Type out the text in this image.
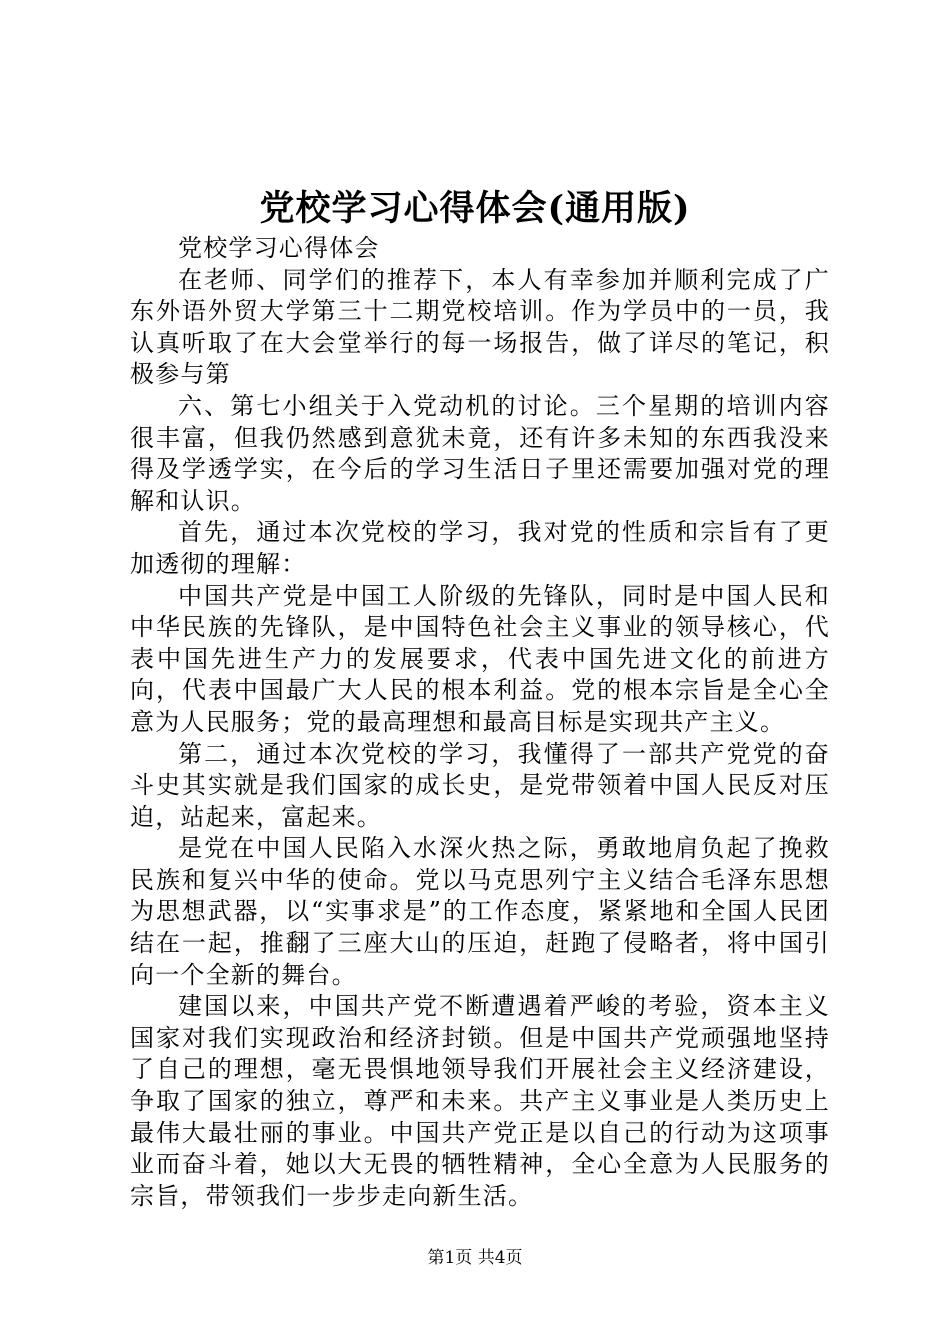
党校学习心得体会(通用版)

党校学习心得体会

在老师、同学们的推荐下，本人有幸参加并顺利完成了广东外语外贸大学第三十二期党校培训。作为学员中的一员，我认真听取了在大会堂举行的每一场报告，做了详尽的笔记，积极参与第

六、第七小组关于入党动机的讨论。三个星期的培训内容很丰富，但我仍然感到意犹未竟，还有许多未知的东西我没来得及学透学实，在今后的学习生活日子里还需要加强对党的理解和认识。

首先，通过本次党校的学习，我对党的性质和宗旨有了更加透彻的理解：

中国共产党是中国工人阶级的先锋队，同时是中国人民和中华民族的先锋队，是中国特色社会主义事业的领导核心，代表中国先进生产力的发展要求，代表中国先进文化的前进方向，代表中国最广大人民的根本利益。党的根本宗旨是全心全意为人民服务；党的最高理想和最高目标是实现共产主义。

第二，通过本次党校的学习，我懂得了一部共产党党的奋斗史其实就是我们国家的成长史，是党带领着中国人民反对压迫，站起来，富起来。

是党在中国人民陷入水深火热之际，勇敢地肩负起了挽救民族和复兴中华的使命。党以马克思列宁主义结合毛泽东思想为思想武器，以“实事求是”的工作态度，紧紧地和全国人民团结在一起，推翻了三座大山的压迫，赶跑了侵略者，将中国引向一个全新的舞台。

建国以来，中国共产党不断遭遇着严峻的考验，资本主义国家对我们实现政治和经济封锁。但是中国共产党顽强地坚持了自己的理想，毫无畏惧地领导我们开展社会主义经济建设，争取了国家的独立，尊严和未来。共产主义事业是人类历史上最伟大最壮丽的事业。中国共产党正是以自己的行动为这项事业而奋斗着，她以大无畏的牺牲精神，全心全意为人民服务的宗旨，带领我们一步步走向新生活。

第1页 共4页
